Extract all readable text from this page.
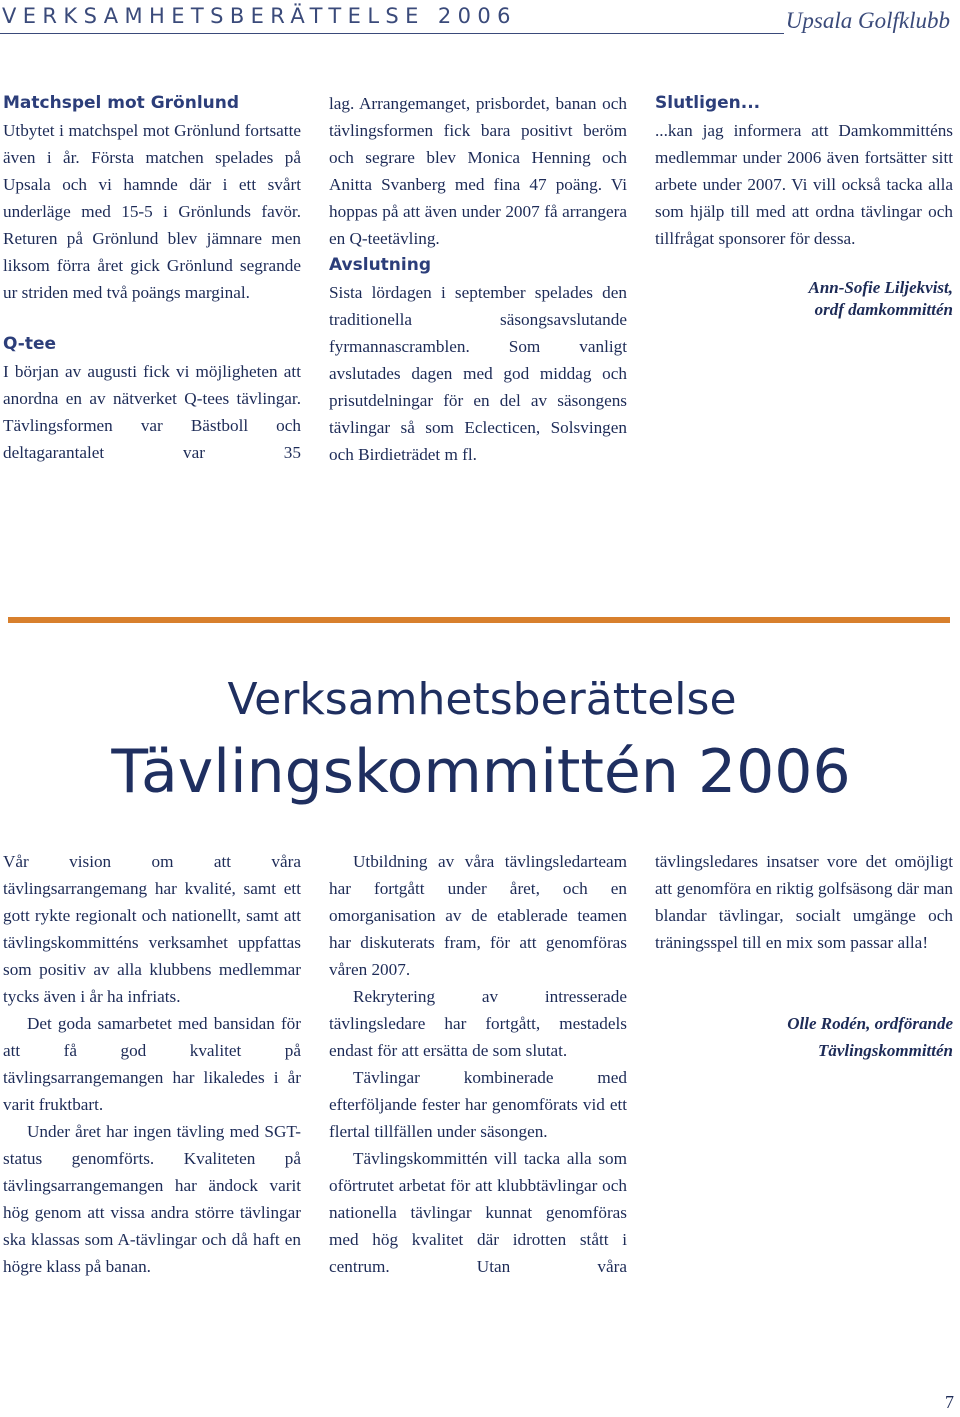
VERKSAMHETSBERÄTTELSE 2006	Upsala Golfklubb
Matchspel mot Grönlund

Utbytet i matchspel mot Grönlund fortsatte även i år. Första matchen spelades på Upsala och vi hamnde där i ett svårt underläge med 15-5 i Grönlunds favör. Returen på Grönlund blev jämnare men liksom förra året gick Grönlund segrande ur striden med två poängs marginal.

Q-tee

I början av augusti fick vi möjligheten att anordna en av nätverket Q-tees tävlingar. Tävlingsformen var Bästboll och deltagarantalet var 35

lag. Arrangemanget, prisbordet, banan och tävlingsformen fick bara positivt beröm och segrare blev Monica Henning och Anitta Svanberg med fina 47 poäng. Vi hoppas på att även under 2007 få arrangera en Q-teetävling.

Avslutning

Sista lördagen i september spelades den traditionella säsongsavslutande fyrmannascramblen. Som vanligt avslutades dagen med god middag och prisutdelningar för en del av säsongens tävlingar så som Eclecticen, Solsvingen och Birdieträdet m fl.

Slutligen...

...kan jag informera att Damkommitténs medlemmar under 2006 även fortsätter sitt arbete under 2007. Vi vill också tacka alla som hjälp till med att ordna tävlingar och tillfrågat sponsorer för dessa.

Ann-Sofie Liljekvist,
ordf damkommittén
Verksamhetsberättelse
Tävlingskommittén 2006

Vår vision om att våra tävlingsarrangemang har kvalité, samt ett gott rykte regionalt och nationellt, samt att tävlingskommitténs verksamhet uppfattas som positiv av alla klubbens medlemmar tycks även i år ha infriats.

Det goda samarbetet med bansidan för att få god kvalitet på tävlingsarrangemangen har likaledes i år varit fruktbart.

Under året har ingen tävling med SGT-status genomförts. Kvaliteten på tävlingsarrangemangen har ändock varit hög genom att vissa andra större tävlingar ska klassas som A-tävlingar och då haft en högre klass på banan.

Utbildning av våra tävlingsledarteam har fortgått under året, och en omorganisation av de etablerade teamen har diskuterats fram, för att genomföras våren 2007.

Rekrytering av intresserade tävlingsledare har fortgått, mestadels endast för att ersätta de som slutat.

Tävlingar kombinerade med efterföljande fester har genomförats vid ett flertal tillfällen under säsongen.

Tävlingskommittén vill tacka alla som oförtrutet arbetat för att klubbtävlingar och nationella tävlingar kunnat genomföras med hög kvalitet där idrotten stått i centrum. Utan våra

tävlingsledares insatser vore det omöjligt att genomföra en riktig golfsäsong där man blandar tävlingar, socialt umgänge och träningsspel till en mix som passar alla!

Olle Rodén, ordförande
Tävlingskommittén
7
